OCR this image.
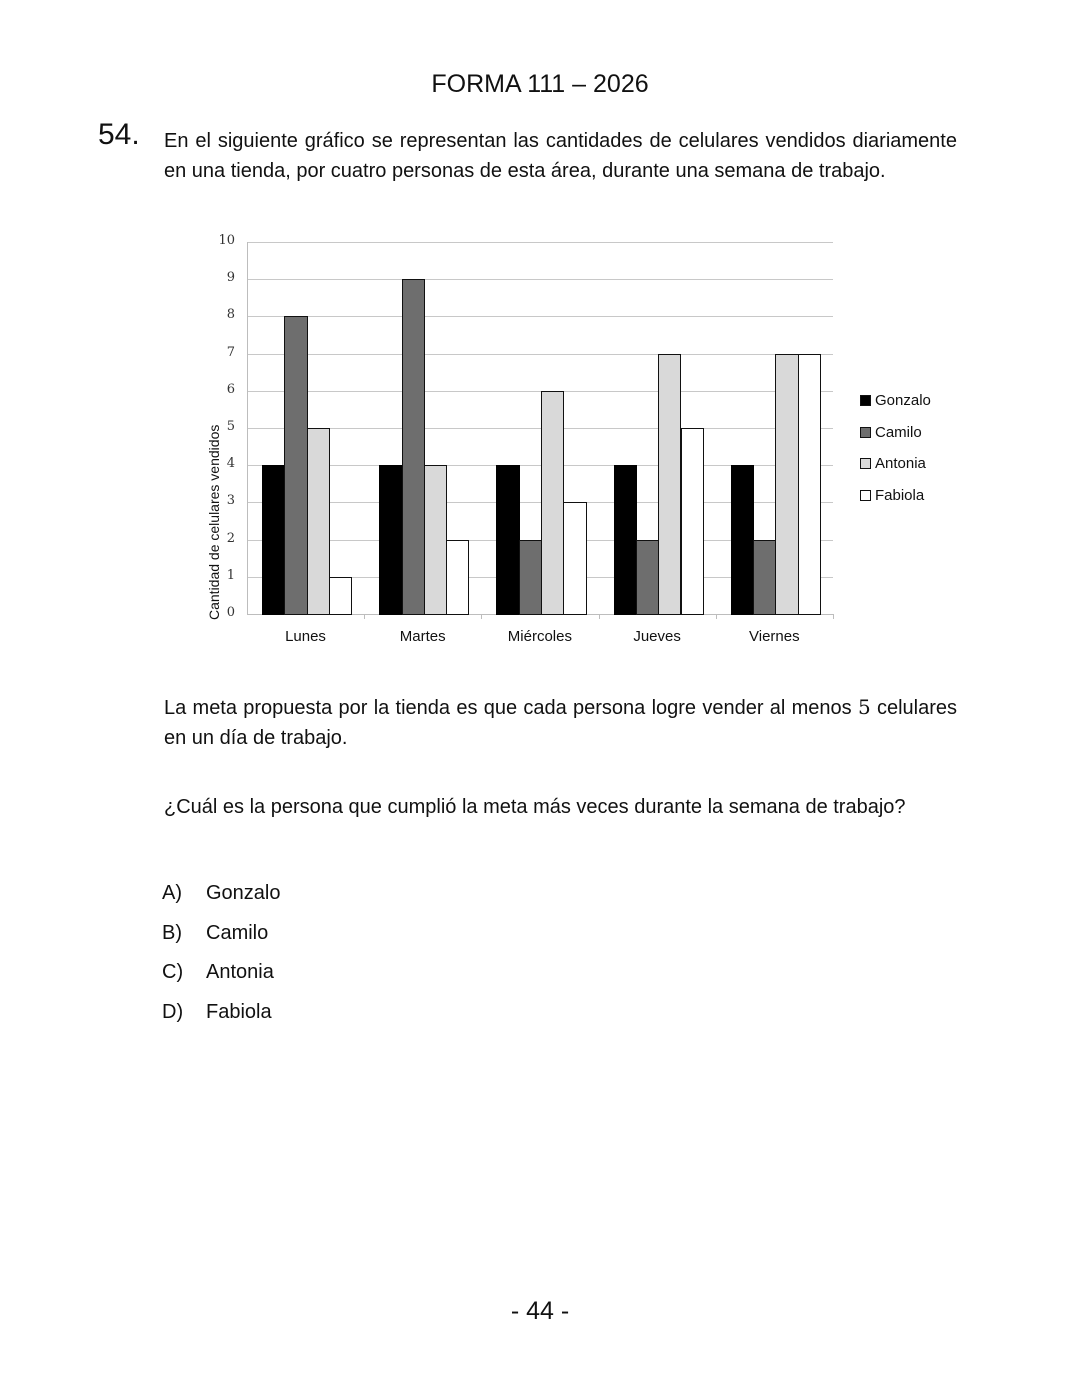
FORMA 111 – 2026
54. En el siguiente gráfico se representan las cantidades de celulares vendidos diariamente en una tienda, por cuatro personas de esta área, durante una semana de trabajo.
Cantidad de celulares vendidos 0
1
2
3
4
5
6
7
8
9
10
Lunes	Martes	Miércoles	Jueves	Viernes
Gonzalo
Camilo
Antonia
Fabiola
La meta propuesta por la tienda es que cada persona logre vender al menos 5 celulares en un día de trabajo.
¿Cuál es la persona que cumplió la meta más veces durante la semana de trabajo?
A)	Gonzalo
B)	Camilo
C)	Antonia
D)	Fabiola
- 44 -
